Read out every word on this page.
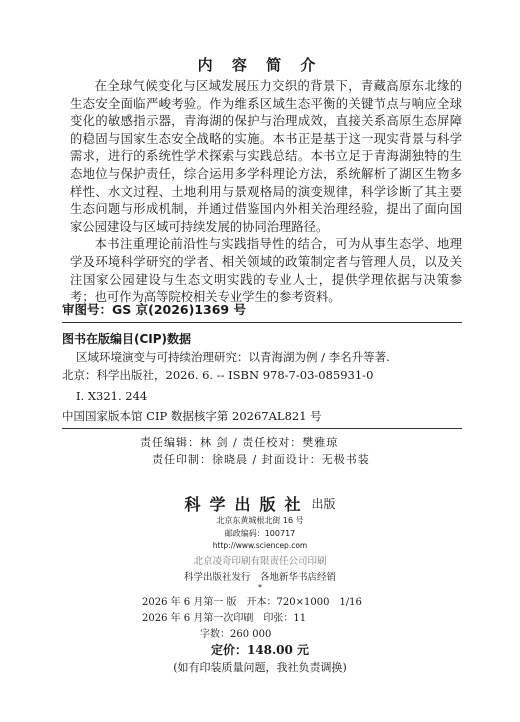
内 容 简 介

在全球气候变化与区域发展压力交织的背景下，青藏高原东北缘的生态安全面临严峻考验。作为维系区域生态平衡的关键节点与响应全球变化的敏感指示器，青海湖的保护与治理成效，直接关系高原生态屏障的稳固与国家生态安全战略的实施。本书正是基于这一现实背景与科学需求，进行的系统性学术探索与实践总结。本书立足于青海湖独特的生态地位与保护责任，综合运用多学科理论方法，系统解析了湖区生物多样性、水文过程、土地利用与景观格局的演变规律，科学诊断了其主要生态问题与形成机制，并通过借鉴国内外相关治理经验，提出了面向国家公园建设与区域可持续发展的协同治理路径。

本书注重理论前沿性与实践指导性的结合，可为从事生态学、地理学及环境科学研究的学者、相关领域的政策制定者与管理人员，以及关注国家公园建设与生态文明实践的专业人士，提供学理依据与决策参考；也可作为高等院校相关专业学生的参考资料。

审图号：GS 京(2026)1369 号
图书在版编目(CIP)数据
区域环境演变与可持续治理研究：以青海湖为例 / 李名升等著.
北京：科学出版社，2026. 6. -- ISBN 978-7-03-085931-0
Ⅰ. X321. 244
中国国家版本馆 CIP 数据核字第 20267AL821 号
责任编辑：林 剑 / 责任校对：樊雅琼
责任印制：徐晓晨 / 封面设计：无极书装
科学出版社 出版
北京东黄城根北街 16 号
邮政编码：100717
http://www.sciencep.com
北京凌奇印刷有限责任公司印刷
科学出版社发行　各地新华书店经销
*
2026 年 6 月第一 版　开本：720×1000　1/16
2026 年 6 月第一次印刷　印张：11
字数：260 000
定价：148.00 元
(如有印装质量问题，我社负责调换)
